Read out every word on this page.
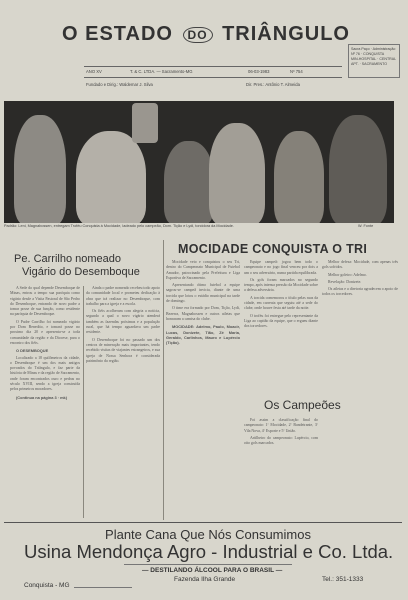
O ESTADO DO TRIÂNGULO
Sacra Paço · Administração
Nº 76 · CONQUISTA
MIN-HOSPITAL · CENTRAL
APT. · SACRAMENTO
ANO XV	T. & C. LTDA. — Sacramento-MG	06-03-1983	Nº 754
Fundado e Dirig.: Waldemar J. Silva	Dir. Pres.: Antônio T. Almeida
Padrão: Leni, Magnabossen, entregam Troféu Conquista à Mocidade, ladeado pelo campeão, Dom. Tição e Lydi, torcidora da Mocidade.	W. Fonte
Pe. Carrilho nomeado
Vigário do Desemboque

A Sede do qual depende Desemboque de Minas, entrou a tempo sua paróquia como vigário desde a Visita Pastoral de São Pedro do Desemboque, entrando de novo padre a tomar posse de sua função, como residente na paróquia de Desemboque.

O Padre Carrilho foi nomeado vigário por Dom Benedito, e tomará posse no proximo dia 20 e apresenta-se a toda comunidade da região e da Diocese, para o encontro dos fiéis.

O DESEMBOQUE

Localizado a 18 quilômetros da cidade, o Desemboque é um dos mais antigos povoados do Triângulo, e faz parte da história de Minas e da região de Sacramento, onde foram encontrados ouro e pedras no século XVIII, sendo a igreja construída pelos primeiros moradores.

(Continua na página 3 · mk)

Ainda o padre nomeado recebeu todo apoio da comunidade local e prometeu dedicação à obra que irá realizar no Desemboque, com trabalho para a igreja e a escola.

Os fiéis acolheram com alegria a notícia, segundo a qual o novo vigário atenderá também as fazendas próximas e a população rural, que há tempo aguardava um padre residente.

O Desemboque foi no passado um dos centros de mineração mais importantes, tendo recebido visitas de viajantes estrangeiros, e sua igreja de Nossa Senhora é considerada patrimônio da região.

MOCIDADE CONQUISTA O TRI

Mocidade veio e conquistou o seu Tri, dentro do Campeonato Municipal de Futebol Amador, patrocinado pela Prefeitura e Liga Esportiva de Sacramento.

Apresentando ótimo futebol a equipe sagrou-se campeã invicta, diante de uma torcida que lotou o estádio municipal na tarde de domingo.

O time era formado por Dom, Tição, Lydi, Bezerra, Magnabossen e outros atletas que honraram a camisa do clube.

MOCIDADE: Adelmo, Paulo, Moacir, Lucas, Donizete, Tião, Zé Maria, Geraldo, Carlinhos, Mauro e Lupércio (Tição).

Equipe campeã: jogou bem todo o campeonato e no jogo final venceu por dois a um o seu adversário, numa partida equilibrada.

Os gols foram marcados no segundo tempo, após intensa pressão da Mocidade sobre a defesa adversária.

A torcida comemorou o título pelas ruas da cidade, em carreata que seguiu até a sede do clube, onde houve festa até tarde da noite.

O troféu foi entregue pelo representante da Liga ao capitão da equipe, que o ergueu diante dos torcedores.

Os Campeões

Foi assim a classificação final do campeonato: 1º Mocidade, 2º Bandeirante, 3º Vila Nova, 4º Esporte e 5º União.

Artilheiro do campeonato: Lupércio, com oito gols marcados.

Melhor defesa: Mocidade, com apenas três gols sofridos.

Melhor goleiro: Adelmo.

Revelação: Donizete.

Os atletas e a diretoria agradecem o apoio de todos os torcedores.

Plante Cana Que Nós Consumimos
Usina Mendonça Agro - Industrial e Co. Ltda.
— DESTILANDO ÁLCOOL PARA O BRASIL —
Fazenda Ilha Grande
Conquista - MG
Tel.: 351-1333
